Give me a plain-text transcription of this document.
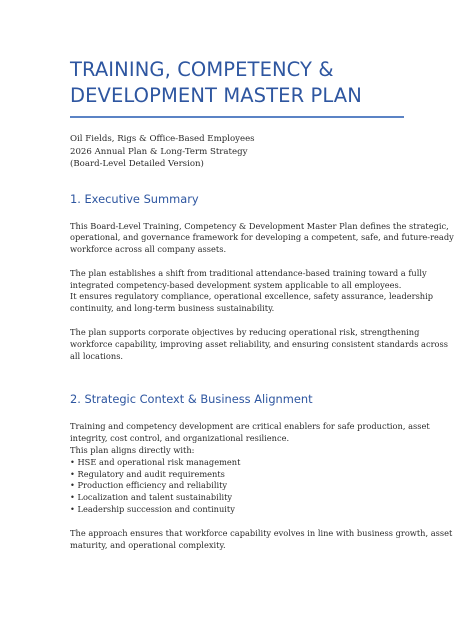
TRAINING, COMPETENCY &
DEVELOPMENT MASTER PLAN
Oil Fields, Rigs & Office-Based Employees
2026 Annual Plan & Long-Term Strategy
(Board-Level Detailed Version)
1. Executive Summary
This Board-Level Training, Competency & Development Master Plan defines the strategic,
operational, and governance framework for developing a competent, safe, and future-ready
workforce across all company assets.
The plan establishes a shift from traditional attendance-based training toward a fully
integrated competency-based development system applicable to all employees.
It ensures regulatory compliance, operational excellence, safety assurance, leadership
continuity, and long-term business sustainability.
The plan supports corporate objectives by reducing operational risk, strengthening
workforce capability, improving asset reliability, and ensuring consistent standards across
all locations.
2. Strategic Context & Business Alignment
Training and competency development are critical enablers for safe production, asset
integrity, cost control, and organizational resilience.
This plan aligns directly with:
• HSE and operational risk management
• Regulatory and audit requirements
• Production efficiency and reliability
• Localization and talent sustainability
• Leadership succession and continuity
The approach ensures that workforce capability evolves in line with business growth, asset
maturity, and operational complexity.
